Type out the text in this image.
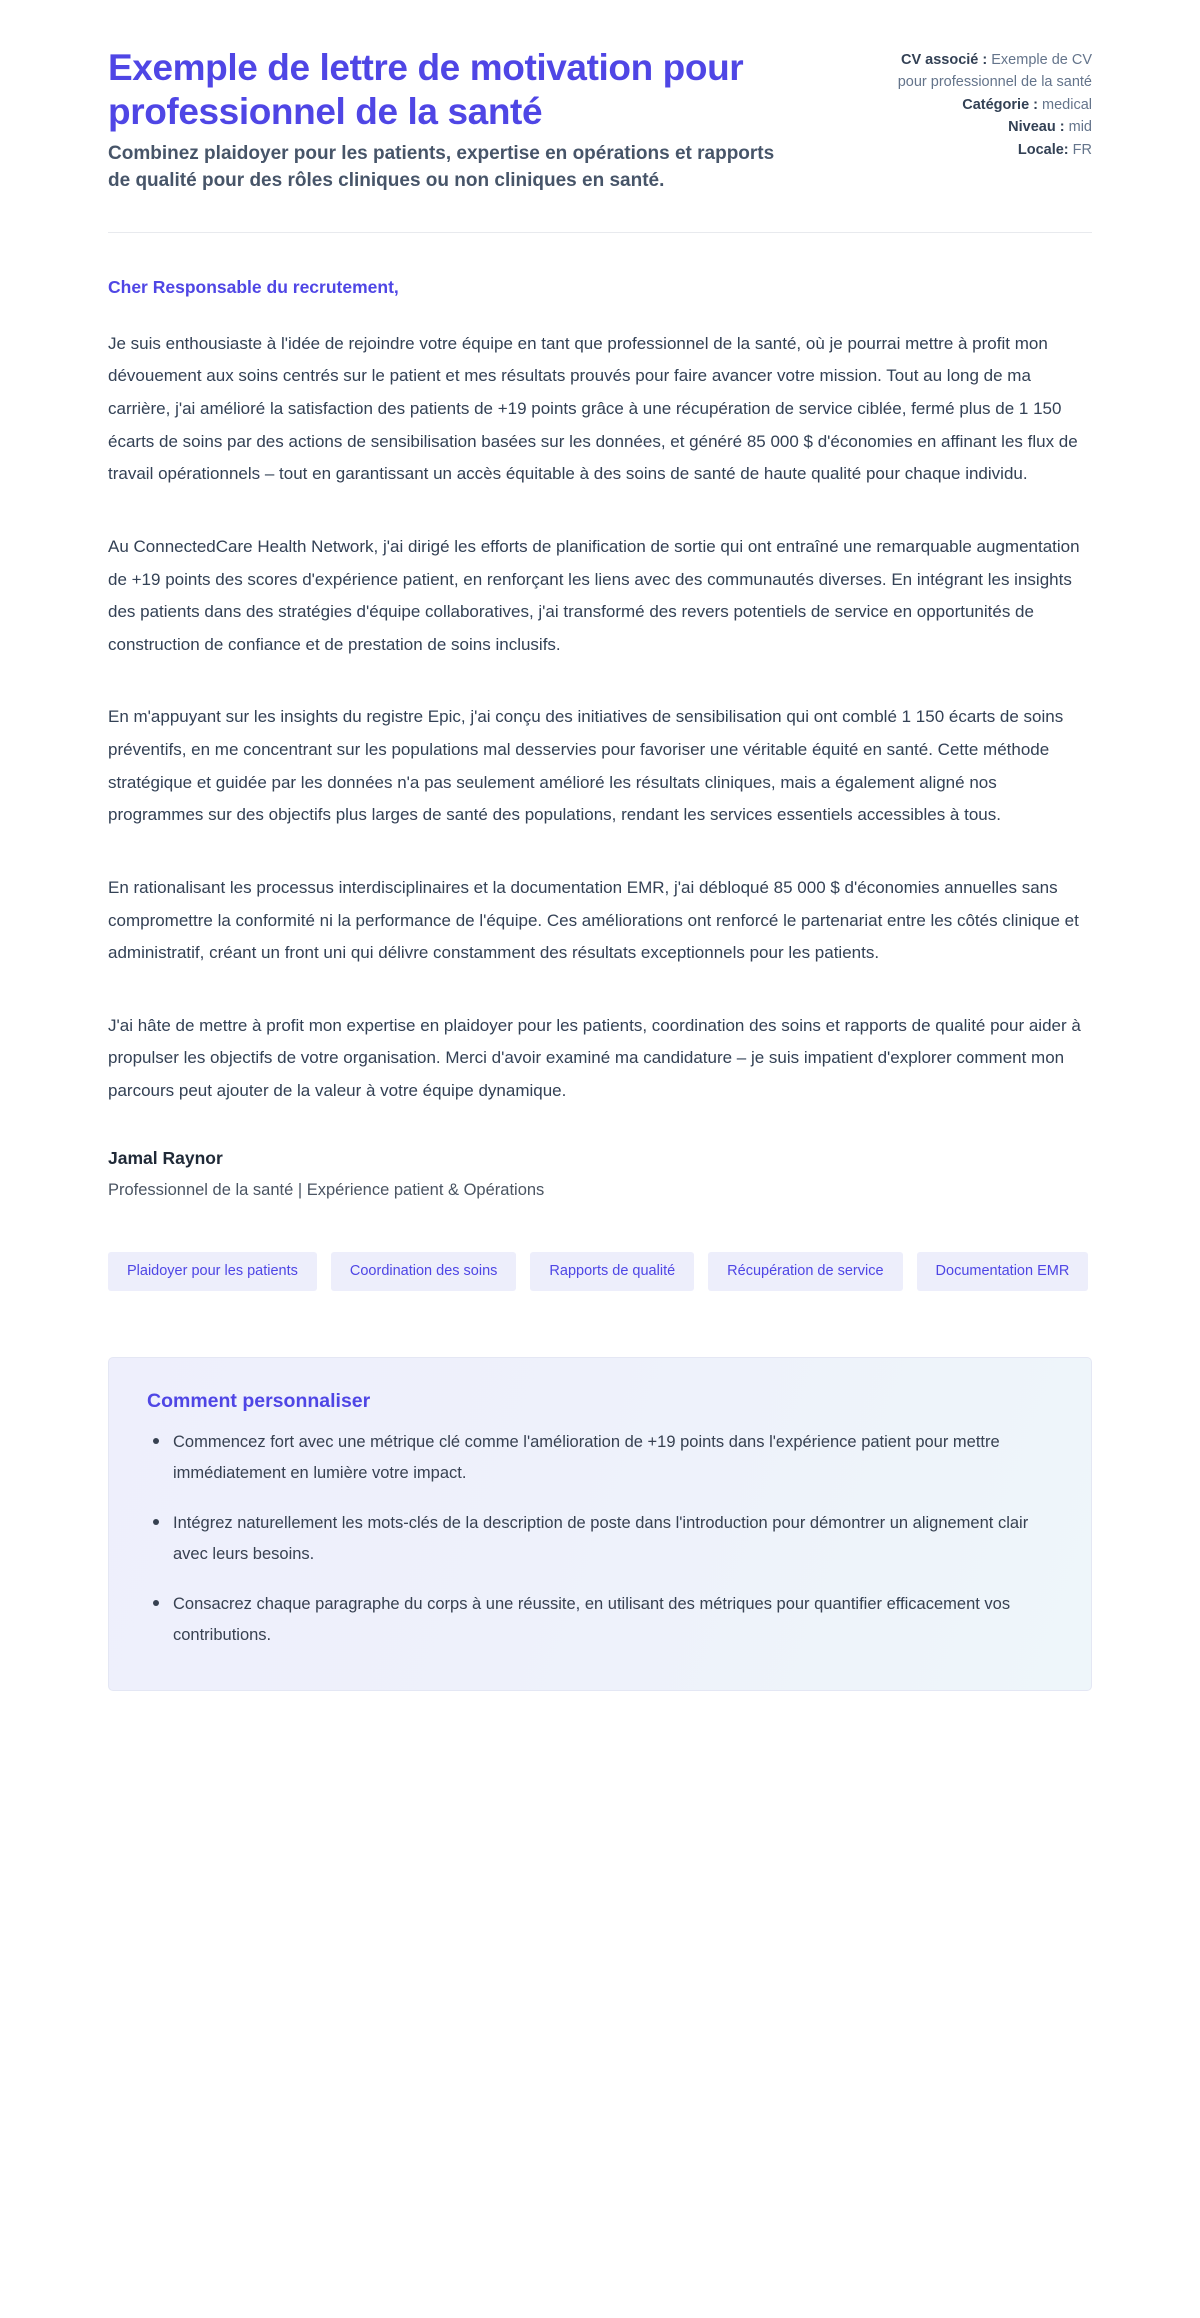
Exemple de lettre de motivation pour professionnel de la santé

Combinez plaidoyer pour les patients, expertise en opérations et rapports de qualité pour des rôles cliniques ou non cliniques en santé.

CV associé : Exemple de CV pour professionnel de la santé
Catégorie : medical
Niveau : mid
Locale: FR

Cher Responsable du recrutement,

Je suis enthousiaste à l'idée de rejoindre votre équipe en tant que professionnel de la santé, où je pourrai mettre à profit mon dévouement aux soins centrés sur le patient et mes résultats prouvés pour faire avancer votre mission. Tout au long de ma carrière, j'ai amélioré la satisfaction des patients de +19 points grâce à une récupération de service ciblée, fermé plus de 1 150 écarts de soins par des actions de sensibilisation basées sur les données, et généré 85 000 $ d'économies en affinant les flux de travail opérationnels – tout en garantissant un accès équitable à des soins de santé de haute qualité pour chaque individu.

Au ConnectedCare Health Network, j'ai dirigé les efforts de planification de sortie qui ont entraîné une remarquable augmentation de +19 points des scores d'expérience patient, en renforçant les liens avec des communautés diverses. En intégrant les insights des patients dans des stratégies d'équipe collaboratives, j'ai transformé des revers potentiels de service en opportunités de construction de confiance et de prestation de soins inclusifs.

En m'appuyant sur les insights du registre Epic, j'ai conçu des initiatives de sensibilisation qui ont comblé 1 150 écarts de soins préventifs, en me concentrant sur les populations mal desservies pour favoriser une véritable équité en santé. Cette méthode stratégique et guidée par les données n'a pas seulement amélioré les résultats cliniques, mais a également aligné nos programmes sur des objectifs plus larges de santé des populations, rendant les services essentiels accessibles à tous.

En rationalisant les processus interdisciplinaires et la documentation EMR, j'ai débloqué 85 000 $ d'économies annuelles sans compromettre la conformité ni la performance de l'équipe. Ces améliorations ont renforcé le partenariat entre les côtés clinique et administratif, créant un front uni qui délivre constamment des résultats exceptionnels pour les patients.

J'ai hâte de mettre à profit mon expertise en plaidoyer pour les patients, coordination des soins et rapports de qualité pour aider à propulser les objectifs de votre organisation. Merci d'avoir examiné ma candidature – je suis impatient d'explorer comment mon parcours peut ajouter de la valeur à votre équipe dynamique.

Jamal Raynor

Professionnel de la santé | Expérience patient & Opérations

Plaidoyer pour les patients	Coordination des soins	Rapports de qualité	Récupération de service	Documentation EMR
Comment personnaliser
Commencez fort avec une métrique clé comme l'amélioration de +19 points dans l'expérience patient pour mettre immédiatement en lumière votre impact.
Intégrez naturellement les mots-clés de la description de poste dans l'introduction pour démontrer un alignement clair avec leurs besoins.
Consacrez chaque paragraphe du corps à une réussite, en utilisant des métriques pour quantifier efficacement vos contributions.
